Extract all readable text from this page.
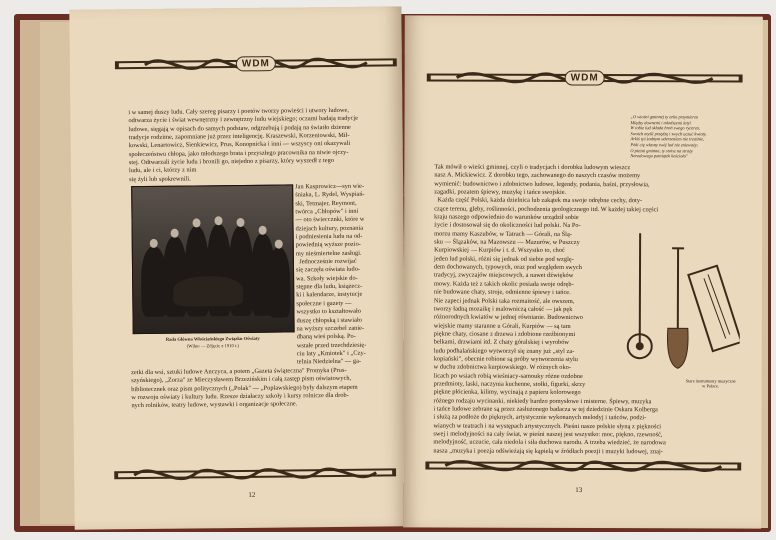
WDM
i w samej duszy ludu. Cały szereg pisarzy i poetów tworzy powieści i utwory ludowe,
odtwarza życie i świat wewnętrzny i zewnętrzny ludu wiejskiego; oczami badają tradycje
ludowe, sięgają w opisach do samych podstaw, odgrzebują i podają na światło dzienne
tradycje rodzime, zapomniane już przez inteligencję. Kraszewski, Korzeniowski, Mił-
kowski, Lenartowicz, Sienkiewicz, Prus, Konopnicka i inni — wszyscy oni okazywali
społeczeństwu chłopa, jako młodszego brata i przyszłego pracownika na niwie ojczy-
stej. Odtwarzali życie ludu i bronili go, niejedno z pisarzy, który wyszedł z tego
ludu, ale i ci, którzy z nim
się żyli lub spokrewnili.
Rada Główna Włościańskiego Związku Oświaty
(Wilno — Zdjęcie z 1910 r.)
Jan Kasprowicz—syn wie-
śniaka, L. Rydel, Wyspiań-
ski, Tetmajer, Reymont,
twórca „Chłopów" i inni
— oto świeccznki, które w
dziejach kultury, poznania
i podniesienia ludu na od-
powiednią wyższe pozio-
my nieśmiertelne zasługi.
Jednocześnie rozwijać
się zaczęła oświata ludo-
wa. Szkoły wiejskie do-
stępne dla ludu, książecz-
ki i kalendarze, instytucje
społeczne i gazety —
wszystko to kształtowało
duszę chłopską i stawiało
na wyższy szczebel zanie-
dbaną wieś polską. Po-
wstałe przed trzechdziesię-
ciu laty „Kmiotek" i „Czy-
telnia Niedzielna" — ga-
zetki dla wsi, sztuki ludowe Anczyca, a potem „Gazeta świąteczna" Promyka (Prus-
szyńskiego), „Zorza" ze Mieczysławem Brzezińskim i całą zastęp pism oświatowych,
bibliotecznek oraz pism politycznych („Polak" — „Poplawskiego) były dalszym etapem
w rozwoju oświaty i kultury ludu. Rzesze działaczy szkoły i kursy rolnicze dla drob-
nych rolników, teatry ludowe, wystawki i organizacje społeczne.
12
WDM
„O wiośni gminnej ty arko przymierza
Między dawnemi i młodszemi laty!
W tobie lud składa broń swego rycerza,
Swoich myśli przędzę i swych uczuć kwiaty.
Arkiś tyś żadnym uderzeniem nie trzaśnie,
Póki cię własny twój lud nie znieważy;
O pieśni gminna, ty stoisz na straży
Narodowego pamiątek kościoła"
Tak mówił o wieści gminnej, czyli o tradycjach i dorobku ludowym wieszcz
nasz A. Mickiewicz. Z dorobku tego, zachowanego do naszych czasów możemy
wymienić: budownictwo i zdobnictwo ludowe, legendy, podania, baśni, przysłowia,
zagadki, pozatem śpiewy, muzykę i tańce swojskie.
Każda część Polski, każda dzielnica lub zakątek ma swoje odrębne cechy, doty-
czące terenu, gleby, roślinności, pochodzenia geologicznego itd. W każdej takiej części
kraju naszego odpowiednio do warunków urządził sobie
życie i dostosował się do okoliczności lud polski. Na Po-
morzu mamy Kaszubów, w Tatrach — Górali, na Ślą-
sku — Ślązaków, na Mazowszu — Mazurów, w Puszczy
Kurpiowskiej — Kurpiów i t. d. Wszystko to, choć
jeden lud polski, różni się jednak od siebie pod wzglę-
dem dochowanych, typowych, oraz pod względem swych
tradycyj, zwyczajów miejscowych, a nawet dźwięków
mowy. Każda też z takich okolic posiada swoje odręb-
nie budowane chaty, stroje, odmienne śpiewy i tańce.
Nie zapeci jednak Polski taka rozmaitość, ale owszem,
tworzy ładną mozaikę i malowniczą całość — jak pęk
różnorodnych kwiatów w jednej równianie. Budownictwo
wiejskie mamy staranne u Górali, Kurpiów — są tam
piękne chaty, ciosane z drzewa i zdobione rzeźbionymi
belkami, drzwiami itd. Z chaty góralskiej i wyrobów
ludu podhalańskiego wytworzył się znany już „styl za-
kopiański", obecnie robione są próby wytworzenia stylu
w duchu zdobnictwa kurpiowskiego. W różnych oko-
licach po wsiach robią wieśniacy-samouky różne ozdobne
przedmioty, laski, naczynia kuchenne, stołki, figurki, skrzy
piękne płócienka, kilimy, wycinają z papieru kolorowego
różnego rodzaju wycinanki, niekiedy bardzo pomysłowe i misterne. Śpiewy, muzyka
i tańce ludowe zebrane są przez zasłużonego badacza w tej dziedzinie Oskara Kolberga
i służą za podłoże do pięknych, artystycznie wykonanych melodyj i tańców, podzi-
wianych w teatrach i na występach artystycznych. Pieśni nasze polskie słyną z piękności
swej i melodyjności na cały świat, w pieśni naszej jest wszystko: moc, piękno, rzewność,
melodyjność, uczucie, cała niedola i siła duchowa narodu. A trzeba wiedzieć, że narodowa
nasza „muzyka i poezja odświeżają się kąpielą w źródłach poezji i muzyki ludowej, znaj-
Stare instrumenty muzyczne
w Polsce.
13
